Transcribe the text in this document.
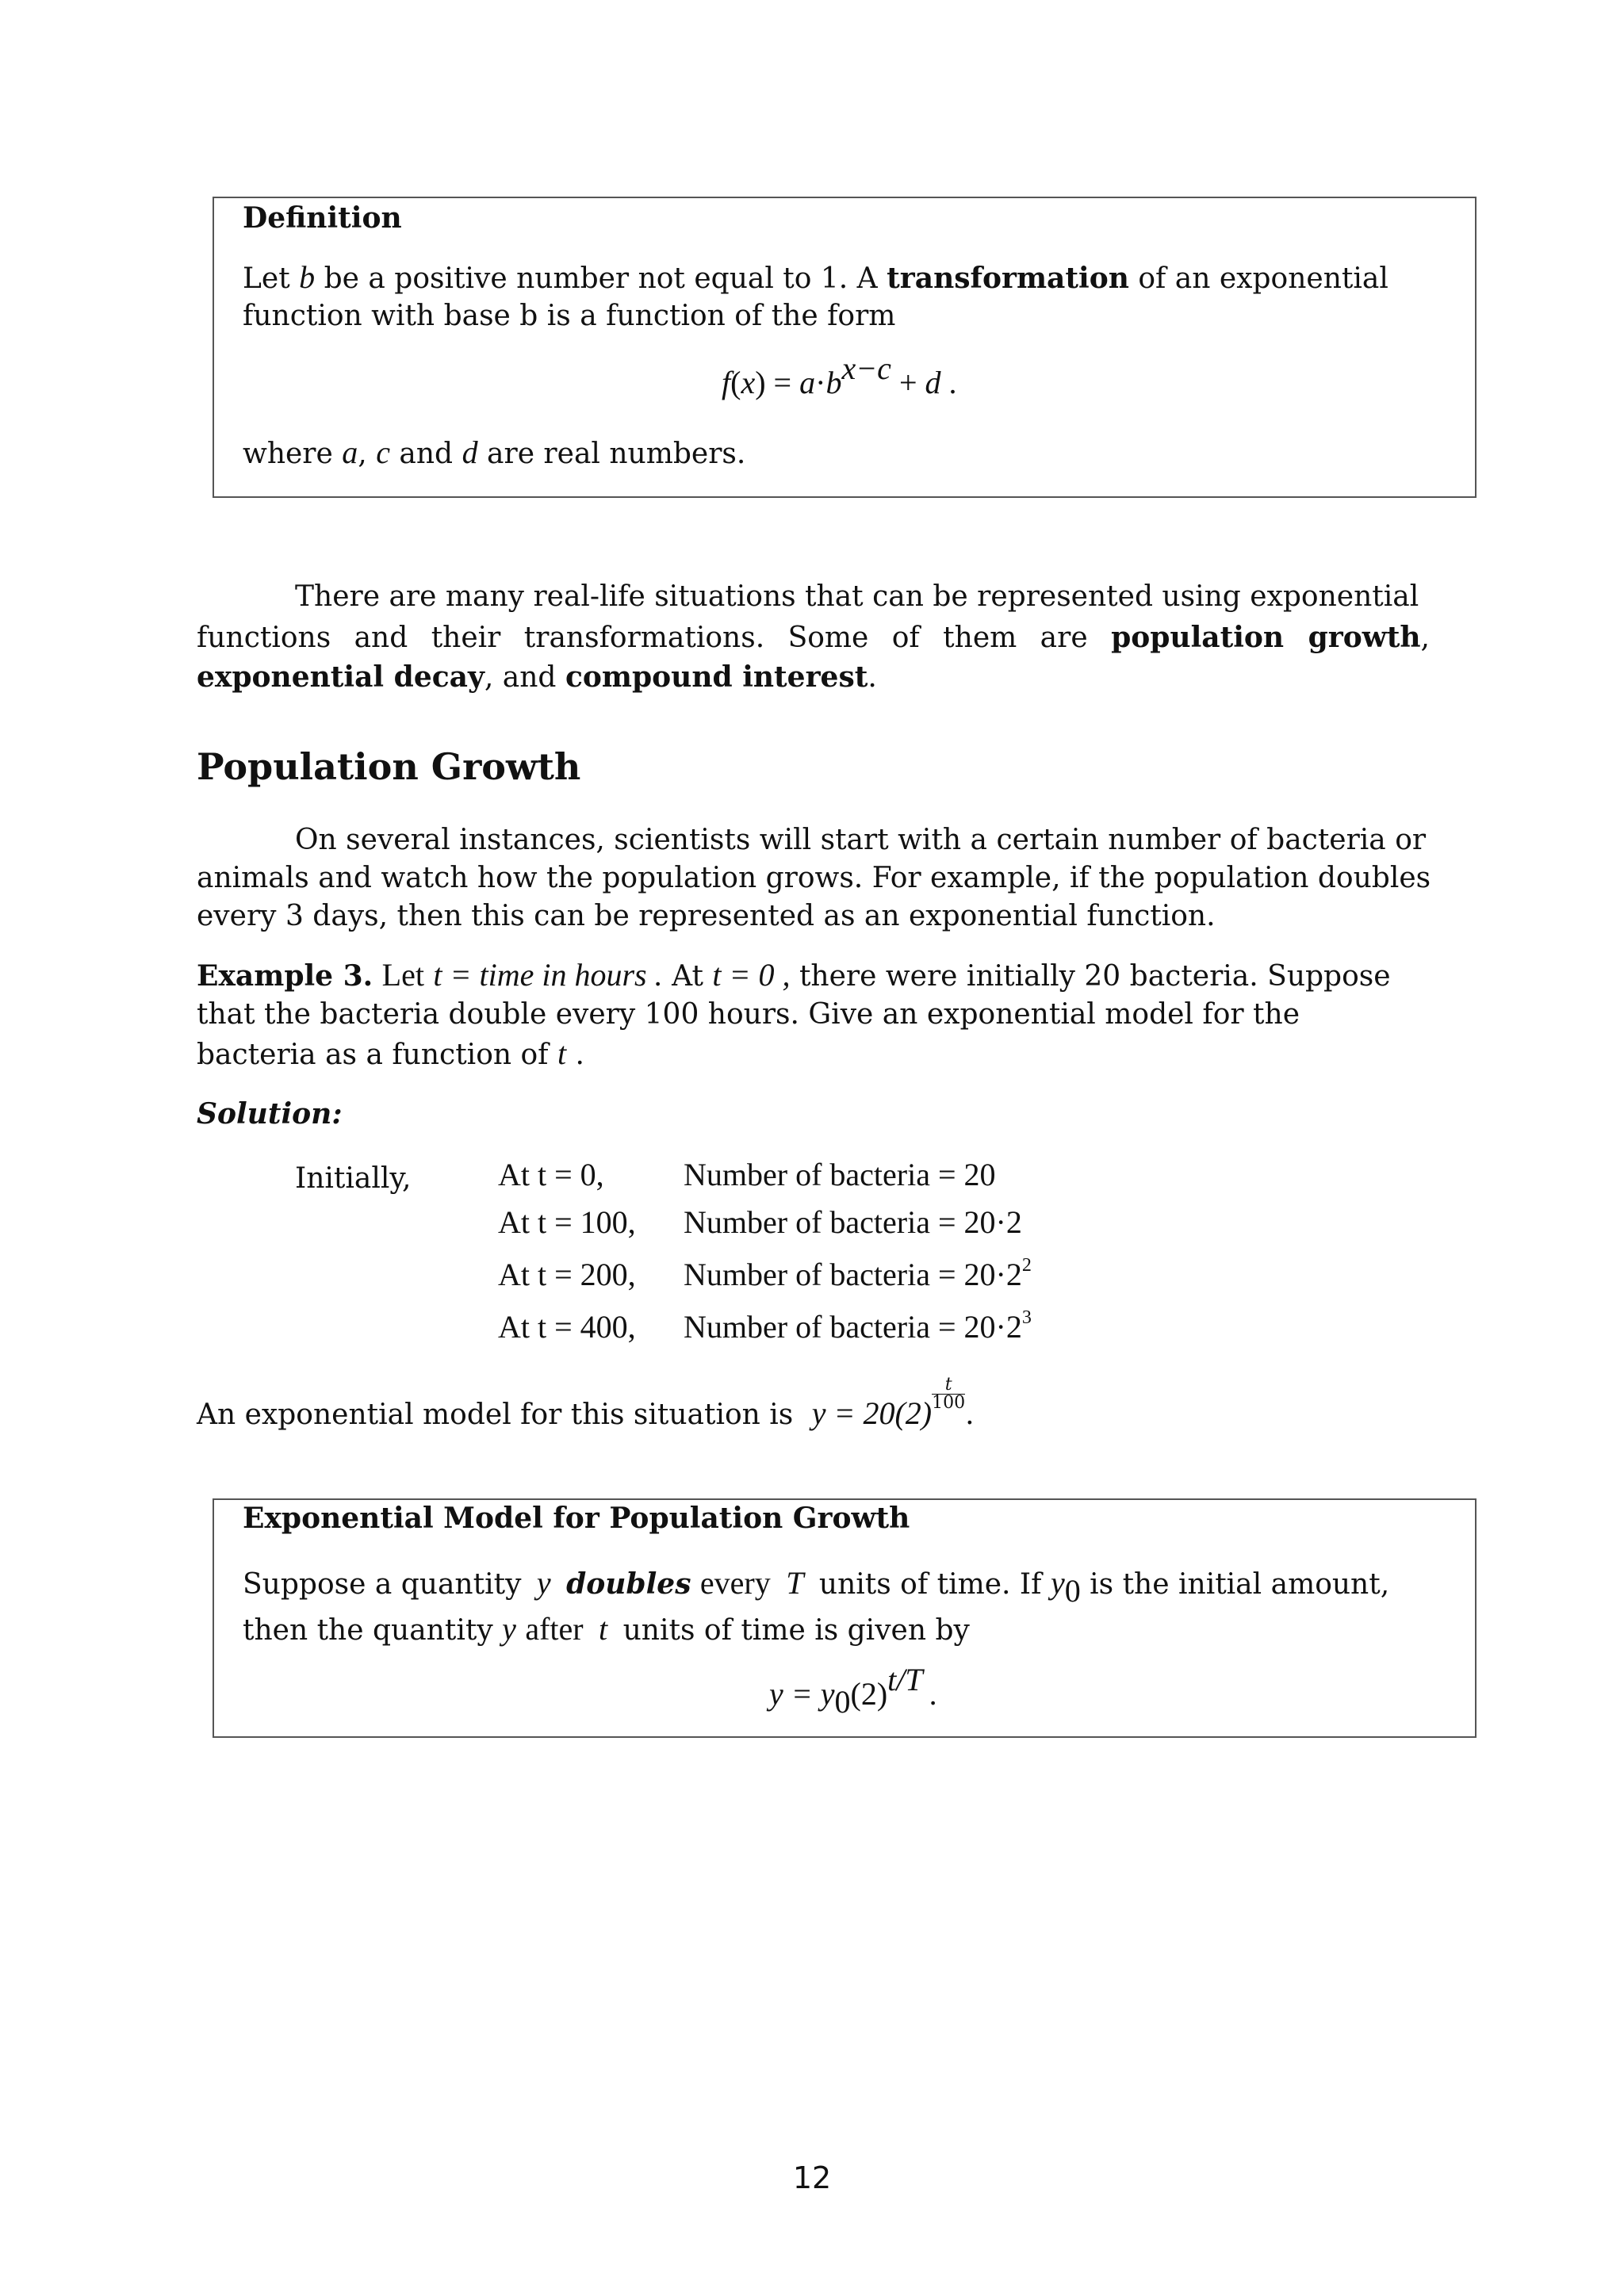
Definition
Let b be a positive number not equal to 1. A transformation of an exponential
function with base b is a function of the form
$f(x) = a\cdot b^{x-c} + d$ .
where a, c and d are real numbers.
There are many real-life situations that can be represented using exponential
functions and their transformations. Some of them are population growth,
exponential decay, and compound interest.
Population Growth
On several instances, scientists will start with a certain number of bacteria or
animals and watch how the population grows. For example, if the population doubles
every 3 days, then this can be represented as an exponential function.
Example 3. Let t = time in hours . At t = 0 , there were initially 20 bacteria. Suppose
that the bacteria double every 100 hours. Give an exponential model for the
bacteria as a function of t .
Solution:
Initially,	At t = 0,	Number of bacteria = 20
At t = 100, Number of bacteria = 20·2
At t = 200, Number of bacteria = $20\cdot 2^2$
At t = 400, Number of bacteria = $20\cdot 2^3$
An exponential model for this situation is y = 20(2)
$\frac{t}{100}$
.
Exponential Model for Population Growth
Suppose a quantity y doubles every T units of time. If $y_0$ is the initial amount,
then the quantity y after t units of time is given by
$y = y_0(2)^{t/T}$ .
12
